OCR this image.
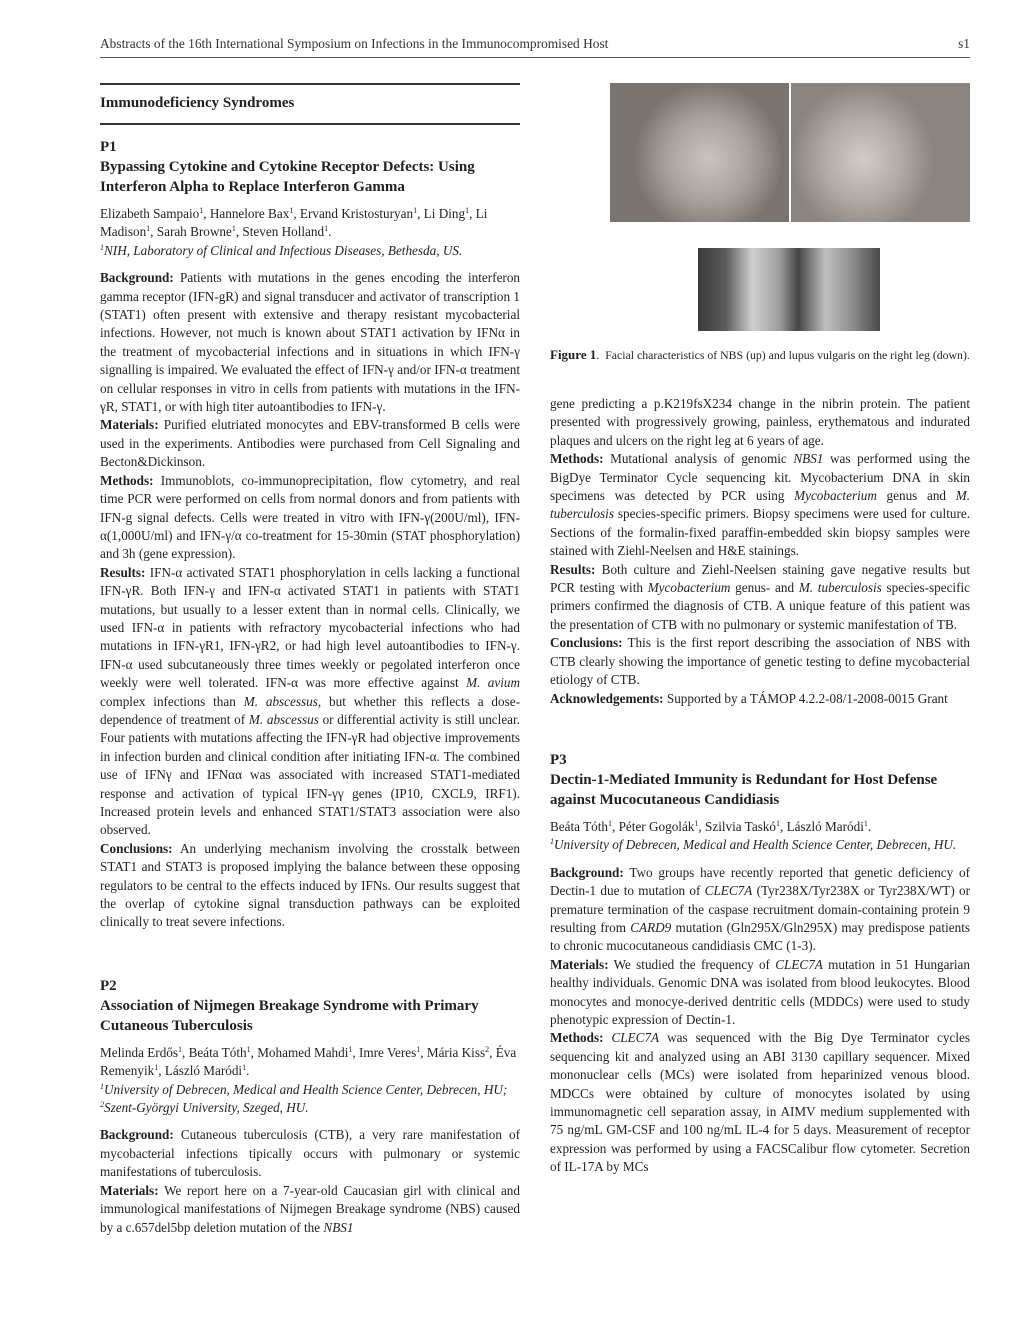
Abstracts of the 16th International Symposium on Infections in the Immunocompromised Host	s1
Immunodeficiency Syndromes
P1
Bypassing Cytokine and Cytokine Receptor Defects: Using Interferon Alpha to Replace Interferon Gamma

Elizabeth Sampaio$^1$, Hannelore Bax$^1$, Ervand Kristosturyan$^1$, Li Ding$^1$, Li Madison$^1$, Sarah Browne$^1$, Steven Holland$^1$.

$^1$NIH, Laboratory of Clinical and Infectious Diseases, Bethesda, US.

Background: Patients with mutations in the genes encoding the interferon gamma receptor (IFN-gR) and signal transducer and activator of transcription 1 (STAT1) often present with extensive and therapy resistant mycobacterial infections. However, not much is known about STAT1 activation by IFNα in the treatment of mycobacterial infections and in situations in which IFN-γ signalling is impaired. We evaluated the effect of IFN-γ and/or IFN-α treatment on cellular responses in vitro in cells from patients with mutations in the IFN-γR, STAT1, or with high titer autoantibodies to IFN-γ.

Materials: Purified elutriated monocytes and EBV-transformed B cells were used in the experiments. Antibodies were purchased from Cell Signaling and Becton&Dickinson.

Methods: Immunoblots, co-immunoprecipitation, flow cytometry, and real time PCR were performed on cells from normal donors and from patients with IFN-g signal defects. Cells were treated in vitro with IFN-γ(200U/ml), IFN-α(1,000U/ml) and IFN-γ/α co-treatment for 15-30min (STAT phosphorylation) and 3h (gene expression).

Results: IFN-α activated STAT1 phosphorylation in cells lacking a functional IFN-γR. Both IFN-γ and IFN-α activated STAT1 in patients with STAT1 mutations, but usually to a lesser extent than in normal cells. Clinically, we used IFN-α in patients with refractory mycobacterial infections who had mutations in IFN-γR1, IFN-γR2, or had high level autoantibodies to IFN-γ. IFN-α used subcutaneously three times weekly or pegolated interferon once weekly were well tolerated. IFN-α was more effective against M. avium complex infections than M. abscessus, but whether this reflects a dose-dependence of treatment of M. abscessus or differential activity is still unclear. Four patients with mutations affecting the IFN-γR had objective improvements in infection burden and clinical condition after initiating IFN-α. The combined use of IFNγ and IFNαα was associated with increased STAT1-mediated response and activation of typical IFN-γγ genes (IP10, CXCL9, IRF1). Increased protein levels and enhanced STAT1/STAT3 association were also observed.

Conclusions: An underlying mechanism involving the crosstalk between STAT1 and STAT3 is proposed implying the balance between these opposing regulators to be central to the effects induced by IFNs. Our results suggest that the overlap of cytokine signal transduction pathways can be exploited clinically to treat severe infections.

P2
Association of Nijmegen Breakage Syndrome with Primary Cutaneous Tuberculosis

Melinda Erdős$^1$, Beáta Tóth$^1$, Mohamed Mahdi$^1$, Imre Veres$^1$, Mária Kiss$^2$, Éva Remenyik$^1$, László Maródi$^1$.

$^1$University of Debrecen, Medical and Health Science Center, Debrecen, HU; $^2$Szent-Györgyi University, Szeged, HU.

Background: Cutaneous tuberculosis (CTB), a very rare manifestation of mycobacterial infections tipically occurs with pulmonary or systemic manifestations of tuberculosis.

Materials: We report here on a 7-year-old Caucasian girl with clinical and immunological manifestations of Nijmegen Breakage syndrome (NBS) caused by a c.657del5bp deletion mutation of the NBS1

Figure 1.  Facial characteristics of NBS (up) and lupus vulgaris on the right leg (down).

gene predicting a p.K219fsX234 change in the nibrin protein. The patient presented with progressively growing, painless, erythematous and indurated plaques and ulcers on the right leg at 6 years of age.

Methods: Mutational analysis of genomic NBS1 was performed using the BigDye Terminator Cycle sequencing kit. Mycobacterium DNA in skin specimens was detected by PCR using Mycobacterium genus and M. tuberculosis species-specific primers. Biopsy specimens were used for culture. Sections of the formalin-fixed paraffin-embedded skin biopsy samples were stained with Ziehl-Neelsen and H&E stainings.

Results: Both culture and Ziehl-Neelsen staining gave negative results but PCR testing with Mycobacterium genus- and M. tuberculosis species-specific primers confirmed the diagnosis of CTB. A unique feature of this patient was the presentation of CTB with no pulmonary or systemic manifestation of TB.

Conclusions: This is the first report describing the association of NBS with CTB clearly showing the importance of genetic testing to define mycobacterial etiology of CTB.

Acknowledgements: Supported by a TÁMOP 4.2.2-08/1-2008-0015 Grant

P3
Dectin-1-Mediated Immunity is Redundant for Host Defense against Mucocutaneous Candidiasis

Beáta Tóth$^1$, Péter Gogolák$^1$, Szilvia Taskó$^1$, László Maródi$^1$.

$^1$University of Debrecen, Medical and Health Science Center, Debrecen, HU.

Background: Two groups have recently reported that genetic deficiency of Dectin-1 due to mutation of CLEC7A (Tyr238X/Tyr238X or Tyr238X/WT) or premature termination of the caspase recruitment domain-containing protein 9 resulting from CARD9 mutation (Gln295X/Gln295X) may predispose patients to chronic mucocutaneous candidiasis CMC (1-3).

Materials: We studied the frequency of CLEC7A mutation in 51 Hungarian healthy individuals. Genomic DNA was isolated from blood leukocytes. Blood monocytes and monocye-derived dentritic cells (MDDCs) were used to study phenotypic expression of Dectin-1.

Methods: CLEC7A was sequenced with the Big Dye Terminator cycles sequencing kit and analyzed using an ABI 3130 capillary sequencer. Mixed mononuclear cells (MCs) were isolated from heparinized venous blood. MDCCs were obtained by culture of monocytes isolated by using immunomagnetic cell separation assay, in AIMV medium supplemented with 75 ng/mL GM-CSF and 100 ng/mL IL-4 for 5 days. Measurement of receptor expression was performed by using a FACSCalibur flow cytometer. Secretion of IL-17A by MCs
